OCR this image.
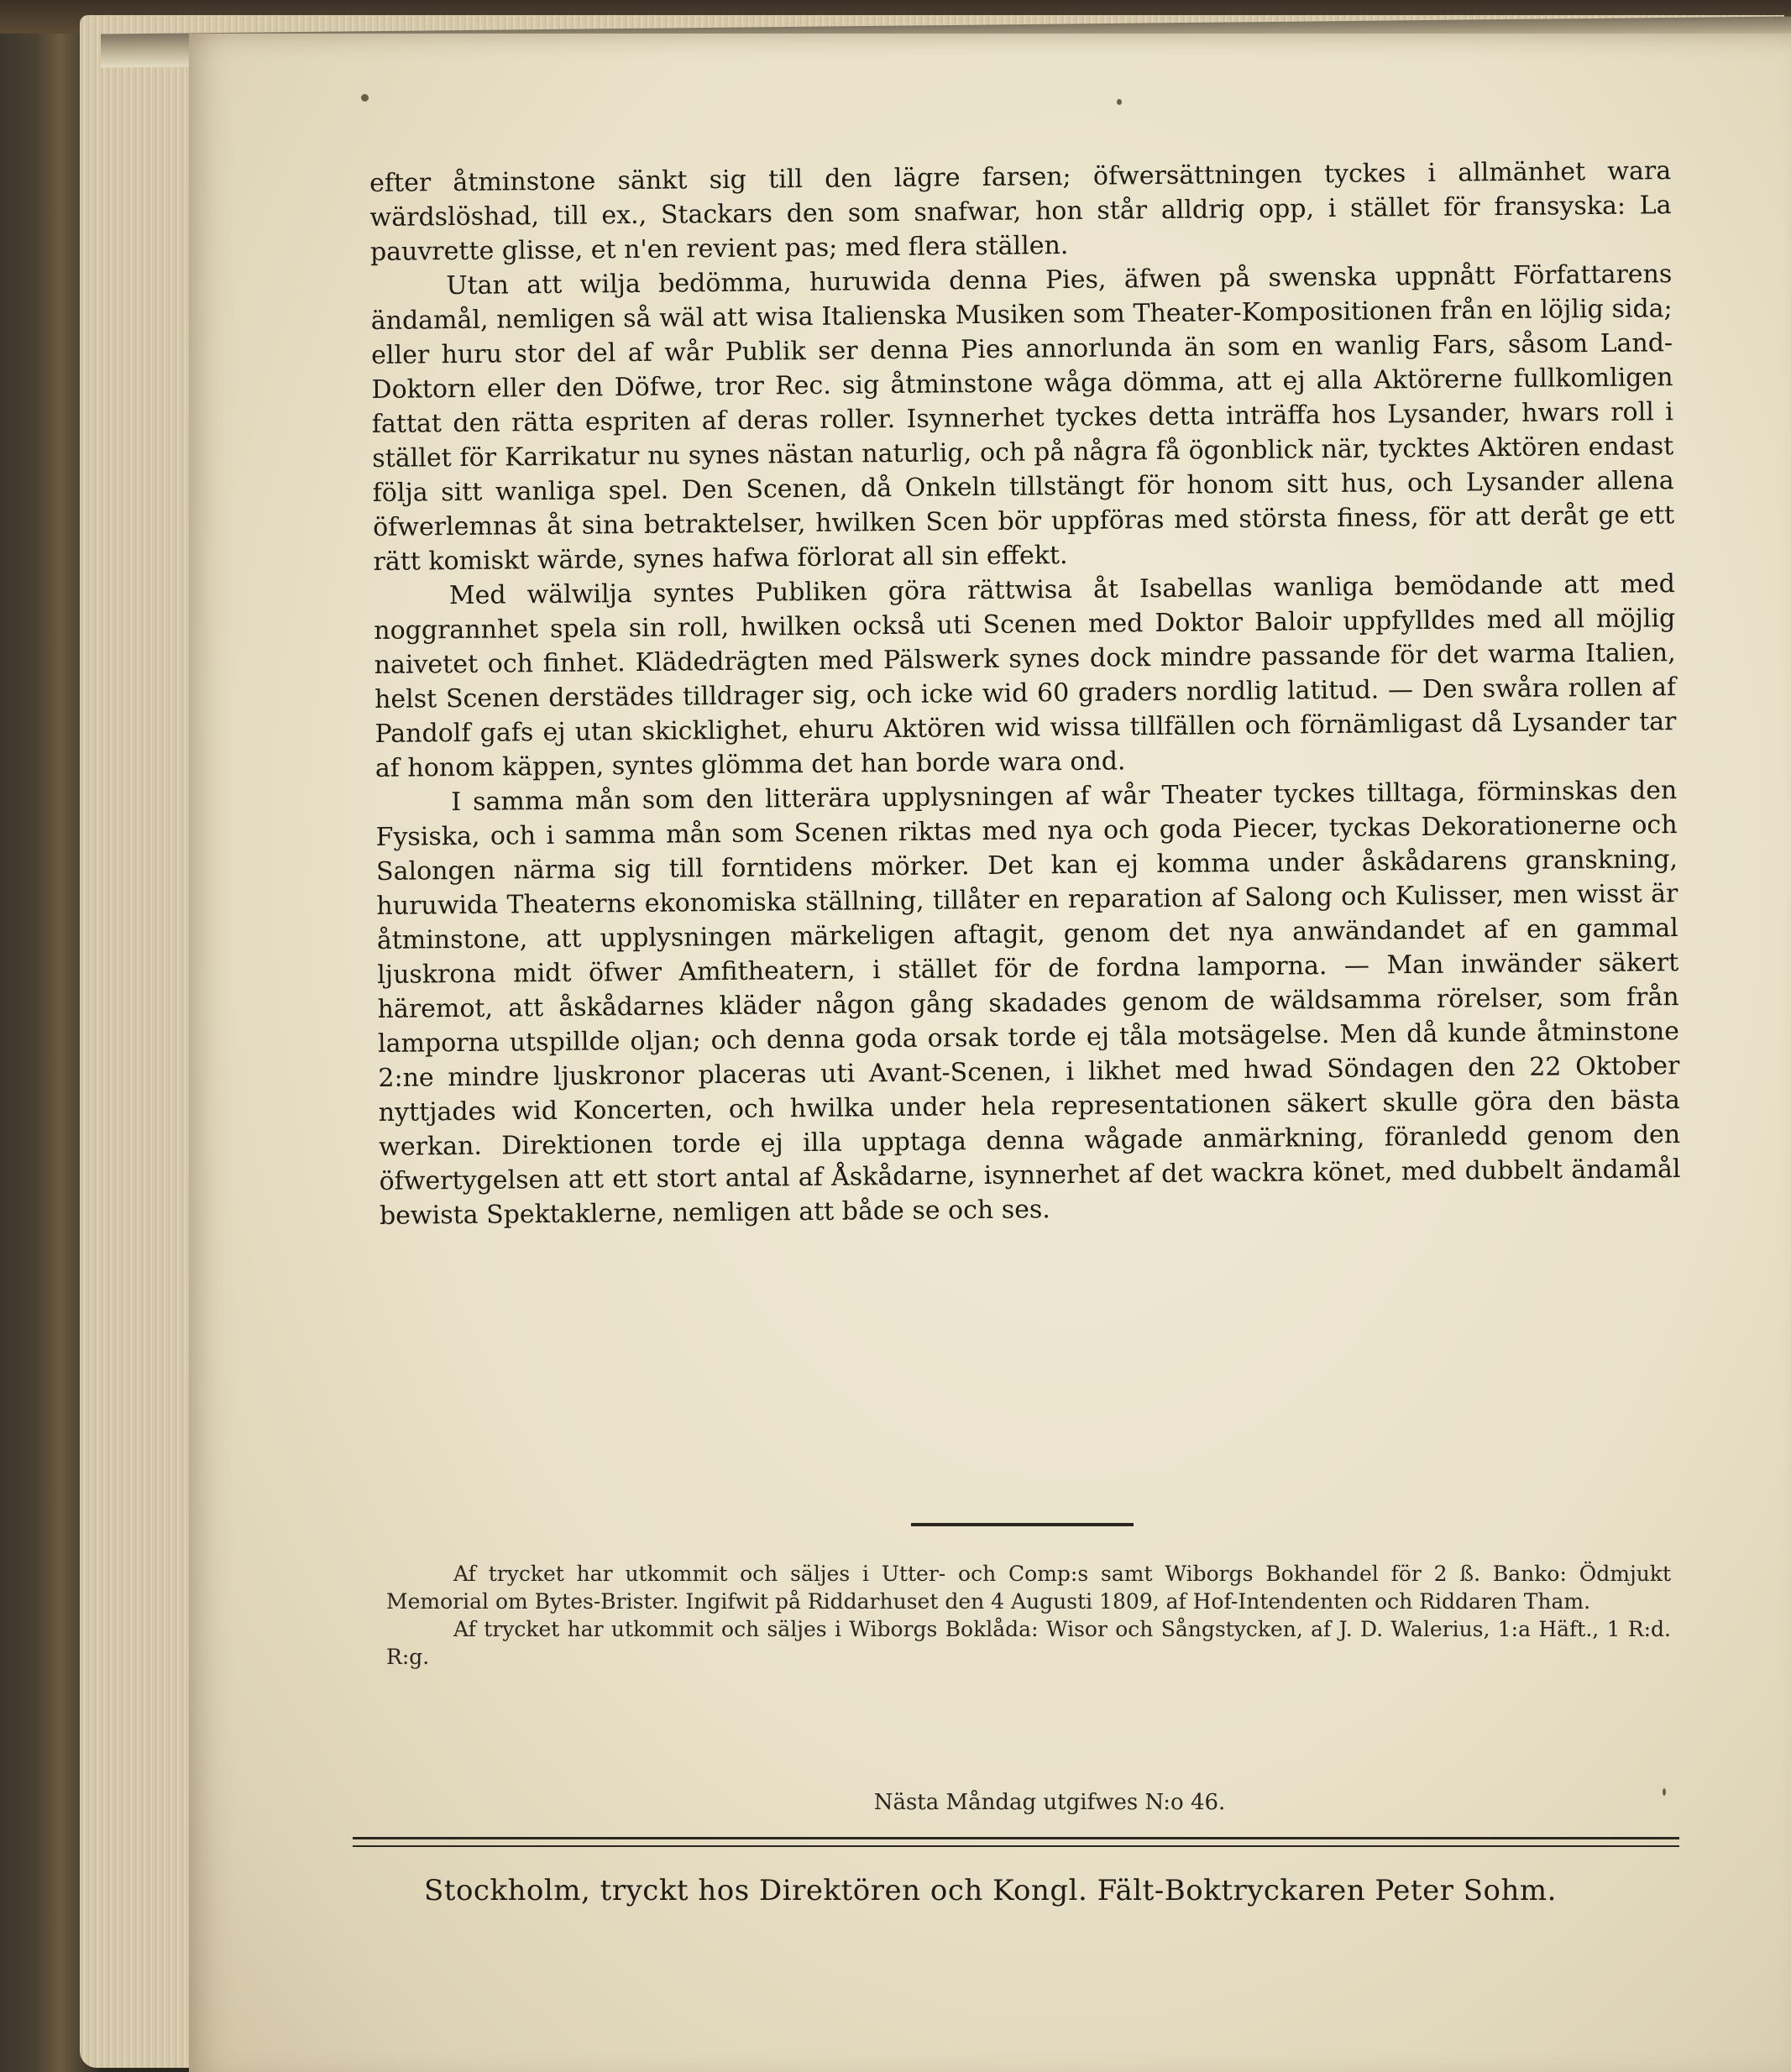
efter åtminstone sänkt sig till den lägre farsen; öfwersättningen tyckes i allmänhet wara wärdslöshad, till ex., Stackars den som snafwar, hon står alldrig opp, i stället för fransyska: La pauvrette glisse, et n'en revient pas; med flera ställen.

Utan att wilja bedömma, huruwida denna Pies, äfwen på swenska uppnått Författarens ändamål, nemligen så wäl att wisa Italienska Musiken som Theater-Kompositionen från en löjlig sida; eller huru stor del af wår Publik ser denna Pies annorlunda än som en wanlig Fars, såsom Land-Doktorn eller den Döfwe, tror Rec. sig åtminstone wåga dömma, att ej alla Aktörerne fullkomligen fattat den rätta espriten af deras roller. Isynnerhet tyckes detta inträffa hos Lysander, hwars roll i stället för Karrikatur nu synes nästan naturlig, och på några få ögonblick när, tycktes Aktören endast följa sitt wanliga spel. Den Scenen, då Onkeln tillstängt för honom sitt hus, och Lysander allena öfwerlemnas åt sina betraktelser, hwilken Scen bör uppföras med största finess, för att deråt ge ett rätt komiskt wärde, synes hafwa förlorat all sin effekt.

Med wälwilja syntes Publiken göra rättwisa åt Isabellas wanliga bemödande att med noggrannhet spela sin roll, hwilken också uti Scenen med Doktor Baloir uppfylldes med all möjlig naivetet och finhet. Klädedrägten med Pälswerk synes dock mindre passande för det warma Italien, helst Scenen derstädes tilldrager sig, och icke wid 60 graders nordlig latitud. — Den swåra rollen af Pandolf gafs ej utan skicklighet, ehuru Aktören wid wissa tillfällen och förnämligast då Lysander tar af honom käppen, syntes glömma det han borde wara ond.

I samma mån som den litterära upplysningen af wår Theater tyckes tilltaga, förminskas den Fysiska, och i samma mån som Scenen riktas med nya och goda Piecer, tyckas Dekorationerne och Salongen närma sig till forntidens mörker. Det kan ej komma under åskådarens granskning, huruwida Theaterns ekonomiska ställning, tillåter en reparation af Salong och Kulisser, men wisst är åtminstone, att upplysningen märkeligen aftagit, genom det nya anwändandet af en gammal ljuskrona midt öfwer Amfitheatern, i stället för de fordna lamporna. — Man inwänder säkert häremot, att åskådarnes kläder någon gång skadades genom de wäldsamma rörelser, som från lamporna utspillde oljan; och denna goda orsak torde ej tåla motsägelse. Men då kunde åtminstone 2:ne mindre ljuskronor placeras uti Avant-Scenen, i likhet med hwad Söndagen den 22 Oktober nyttjades wid Koncerten, och hwilka under hela representationen säkert skulle göra den bästa werkan. Direktionen torde ej illa upptaga denna wågade anmärkning, föranledd genom den öfwertygelsen att ett stort antal af Åskådarne, isynnerhet af det wackra könet, med dubbelt ändamål bewista Spektaklerne, nemligen att både se och ses.

Af trycket har utkommit och säljes i Utter- och Comp:s samt Wiborgs Bokhandel för 2 ß. Banko: Ödmjukt Memorial om Bytes-Brister. Ingifwit på Riddarhuset den 4 Augusti 1809, af Hof-Intendenten och Riddaren Tham.

Af trycket har utkommit och säljes i Wiborgs Boklåda: Wisor och Sångstycken, af J. D. Walerius, 1:a Häft., 1 R:d. R:g.

Nästa Måndag utgifwes N:o 46.
Stockholm, tryckt hos Direktören och Kongl. Fält-Boktryckaren Peter Sohm.
